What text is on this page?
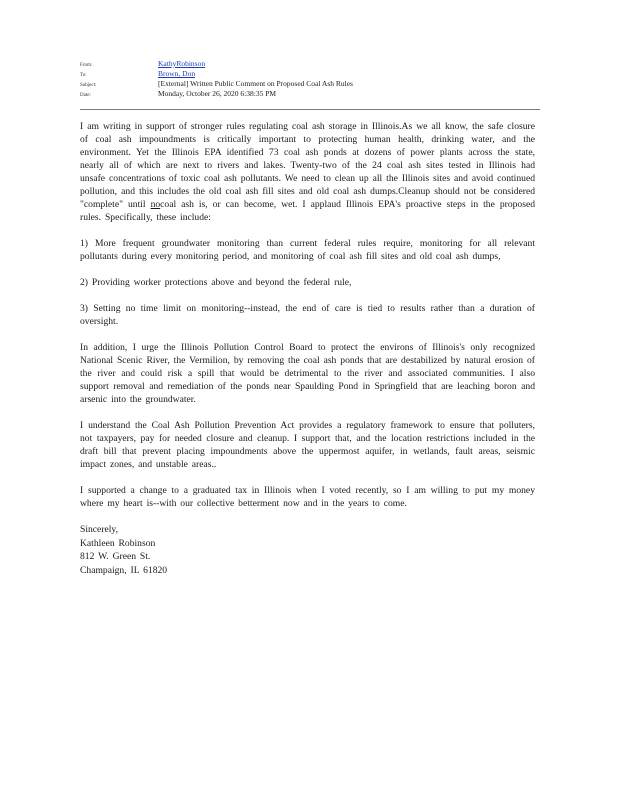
From:	KathyRobinson
To:	Brown, Don
Subject:	[External] Written Public Comment on Proposed Coal Ash Rules
Date:	Monday, October 26, 2020 6:38:35 PM

I am writing in support of stronger rules regulating coal ash storage in Illinois.As we all know, the safe closure of coal ash impoundments is critically important to protecting human health, drinking water, and the environment. Yet the Illinois EPA identified 73 coal ash ponds at dozens of power plants across the state, nearly all of which are next to rivers and lakes. Twenty-two of the 24 coal ash sites tested in Illinois had unsafe concentrations of toxic coal ash pollutants. We need to clean up all the Illinois sites and avoid continued pollution, and this includes the old coal ash fill sites and old coal ash dumps.Cleanup should not be considered "complete" until nocoal ash is, or can become, wet. I applaud Illinois EPA's proactive steps in the proposed rules. Specifically, these include:

1) More frequent groundwater monitoring than current federal rules require, monitoring for all relevant pollutants during every monitoring period, and monitoring of coal ash fill sites and old coal ash dumps,

2) Providing worker protections above and beyond the federal rule,

3) Setting no time limit on monitoring--instead, the end of care is tied to results rather than a duration of oversight.

In addition, I urge the Illinois Pollution Control Board to protect the environs of Illinois's only recognized National Scenic River, the Vermilion, by removing the coal ash ponds that are destabilized by natural erosion of the river and could risk a spill that would be detrimental to the river and associated communities. I also support removal and remediation of the ponds near Spaulding Pond in Springfield that are leaching boron and arsenic into the groundwater.

I understand the Coal Ash Pollution Prevention Act provides a regulatory framework to ensure that polluters, not taxpayers, pay for needed closure and cleanup. I support that, and the location restrictions included in the draft bill that prevent placing impoundments above the uppermost aquifer, in wetlands, fault areas, seismic impact zones, and unstable areas..

I supported a change to a graduated tax in Illinois when I voted recently, so I am willing to put my money where my heart is--with our collective betterment now and in the years to come.

Sincerely,
Kathleen Robinson
812 W. Green St.
Champaign, IL 61820
